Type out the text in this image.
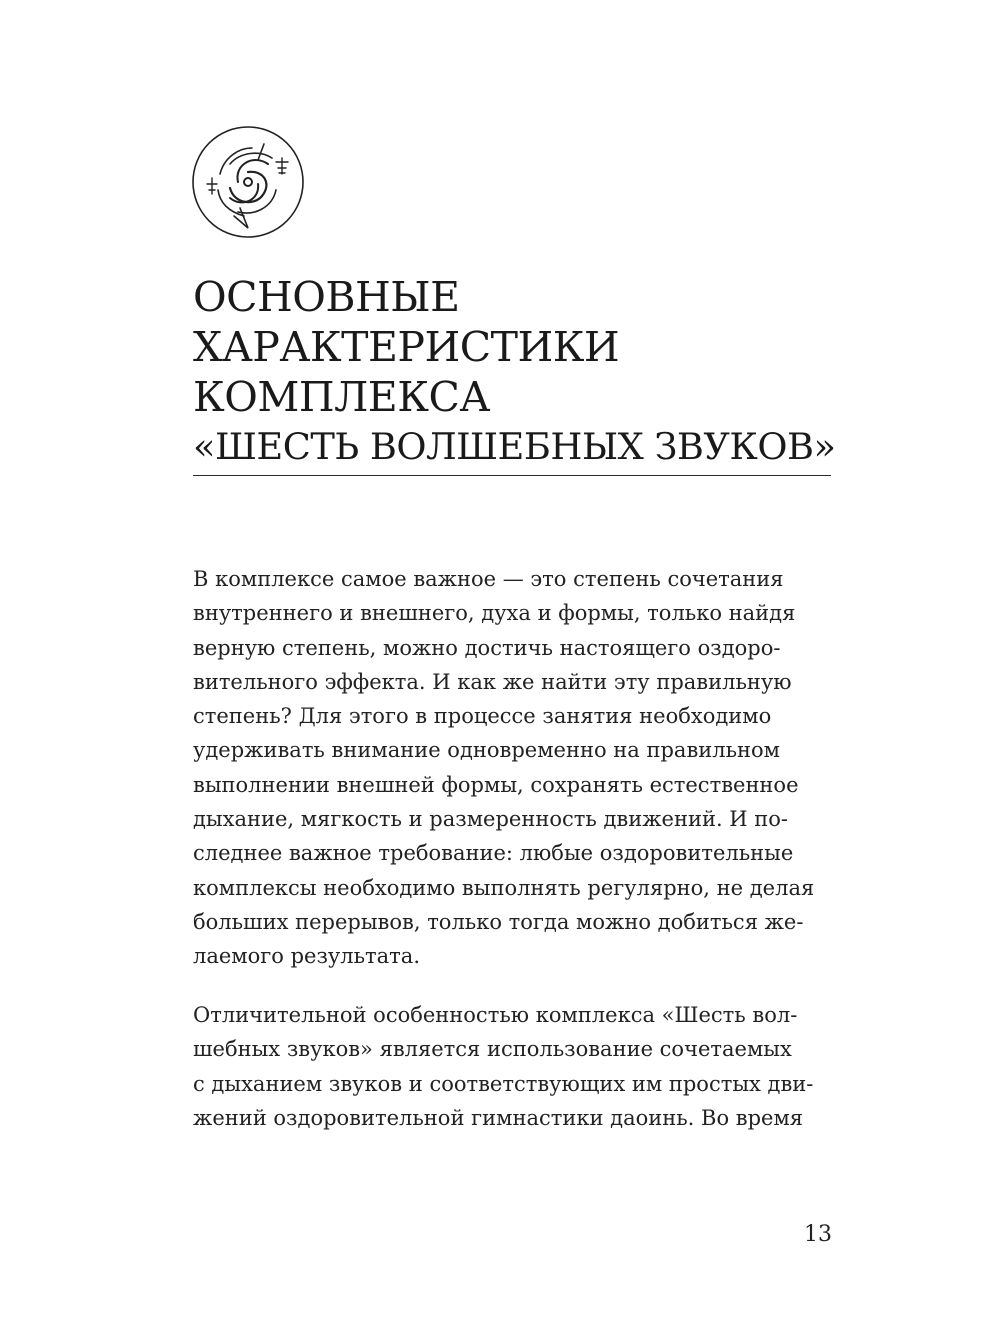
ОСНОВНЫЕ
ХАРАКТЕРИСТИКИ
КОМПЛЕКСА
«ШЕСТЬ ВОЛШЕБНЫХ ЗВУКОВ»

В комплексе самое важное — это степень сочетания
внутреннего и внешнего, духа и формы, только найдя
верную степень, можно достичь настоящего оздоро-
вительного эффекта. И как же найти эту правильную
степень? Для этого в процессе занятия необходимо
удерживать внимание одновременно на правильном
выполнении внешней формы, сохранять естественное
дыхание, мягкость и размеренность движений. И по-
следнее важное требование: любые оздоровительные
комплексы необходимо выполнять регулярно, не делая
больших перерывов, только тогда можно добиться же-
лаемого результата.

Отличительной особенностью комплекса «Шесть вол-
шебных звуков» является использование сочетаемых
с дыханием звуков и соответствующих им простых дви-
жений оздоровительной гимнастики даоинь. Во время

13
